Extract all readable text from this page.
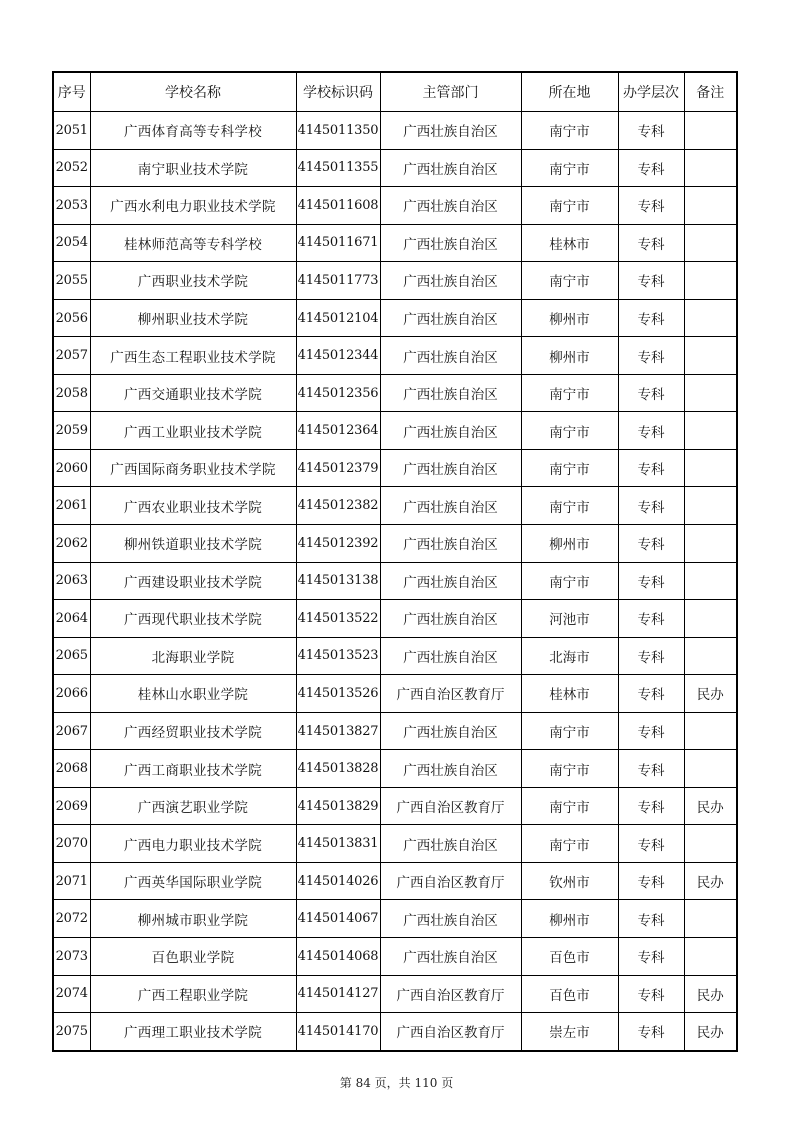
序号	学校名称	学校标识码	主管部门	所在地	办学层次	备注
2051	广西体育高等专科学校	4145011350	广西壮族自治区	南宁市	专科	
2052	南宁职业技术学院	4145011355	广西壮族自治区	南宁市	专科	
2053	广西水利电力职业技术学院	4145011608	广西壮族自治区	南宁市	专科	
2054	桂林师范高等专科学校	4145011671	广西壮族自治区	桂林市	专科	
2055	广西职业技术学院	4145011773	广西壮族自治区	南宁市	专科	
2056	柳州职业技术学院	4145012104	广西壮族自治区	柳州市	专科	
2057	广西生态工程职业技术学院	4145012344	广西壮族自治区	柳州市	专科	
2058	广西交通职业技术学院	4145012356	广西壮族自治区	南宁市	专科	
2059	广西工业职业技术学院	4145012364	广西壮族自治区	南宁市	专科	
2060	广西国际商务职业技术学院	4145012379	广西壮族自治区	南宁市	专科	
2061	广西农业职业技术学院	4145012382	广西壮族自治区	南宁市	专科	
2062	柳州铁道职业技术学院	4145012392	广西壮族自治区	柳州市	专科	
2063	广西建设职业技术学院	4145013138	广西壮族自治区	南宁市	专科	
2064	广西现代职业技术学院	4145013522	广西壮族自治区	河池市	专科	
2065	北海职业学院	4145013523	广西壮族自治区	北海市	专科	
2066	桂林山水职业学院	4145013526	广西自治区教育厅	桂林市	专科	民办
2067	广西经贸职业技术学院	4145013827	广西壮族自治区	南宁市	专科	
2068	广西工商职业技术学院	4145013828	广西壮族自治区	南宁市	专科	
2069	广西演艺职业学院	4145013829	广西自治区教育厅	南宁市	专科	民办
2070	广西电力职业技术学院	4145013831	广西壮族自治区	南宁市	专科	
2071	广西英华国际职业学院	4145014026	广西自治区教育厅	钦州市	专科	民办
2072	柳州城市职业学院	4145014067	广西壮族自治区	柳州市	专科	
2073	百色职业学院	4145014068	广西壮族自治区	百色市	专科	
2074	广西工程职业学院	4145014127	广西自治区教育厅	百色市	专科	民办
2075	广西理工职业技术学院	4145014170	广西自治区教育厅	崇左市	专科	民办
第 84 页，共 110 页
